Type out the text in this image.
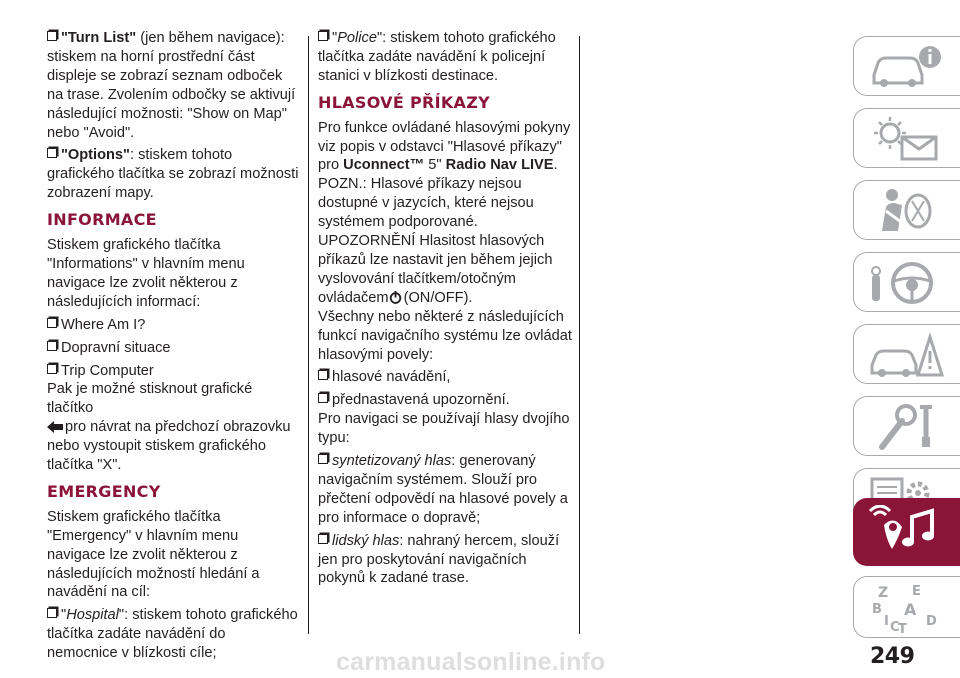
"Turn List" (jen během navigace): stiskem na horní prostřední část displeje se zobrazí seznam odboček na trase. Zvolením odbočky se aktivují následující možnosti: "Show on Map" nebo "Avoid".

"Options": stiskem tohoto grafického tlačítka se zobrazí možnosti zobrazení mapy.

INFORMACE

Stiskem grafického tlačítka "Informations" v hlavním menu navigace lze zvolit některou z následujících informací:

Where Am I?

Dopravní situace

Trip Computer

Pak je možné stisknout grafické tlačítko
pro návrat na předchozí obrazovku nebo vystoupit stiskem grafického tlačítka "X".

EMERGENCY

Stiskem grafického tlačítka "Emergency" v hlavním menu navigace lze zvolit některou z následujících možností hledání a navádění na cíl:

"Hospital": stiskem tohoto grafického tlačítka zadáte navádění do nemocnice v blízkosti cíle;

"Police": stiskem tohoto grafického tlačítka zadáte navádění k policejní stanici v blízkosti destinace.

HLASOVÉ PŘÍKAZY

Pro funkce ovládané hlasovými pokyny viz popis v odstavci "Hlasové příkazy" pro Uconnect™ 5" Radio Nav LIVE.

POZN.: Hlasové příkazy nejsou dostupné v jazycích, které nejsou systémem podporované.

UPOZORNĚNÍ Hlasitost hlasových příkazů lze nastavit jen během jejich vyslovování tlačítkem/otočným ovládačem (ON/OFF).

Všechny nebo některé z následujících funkcí navigačního systému lze ovládat hlasovými povely:

hlasové navádění,

přednastavená upozornění.

Pro navigaci se používají hlasy dvojího typu:

syntetizovaný hlas: generovaný navigačním systémem. Slouží pro přečtení odpovědí na hlasové povely a pro informace o dopravě;

lidský hlas: nahraný hercem, slouží jen pro poskytování navigačních pokynů k zadané trase.

Z E
B A
I C
T
D
carmanualsonline.info	249
